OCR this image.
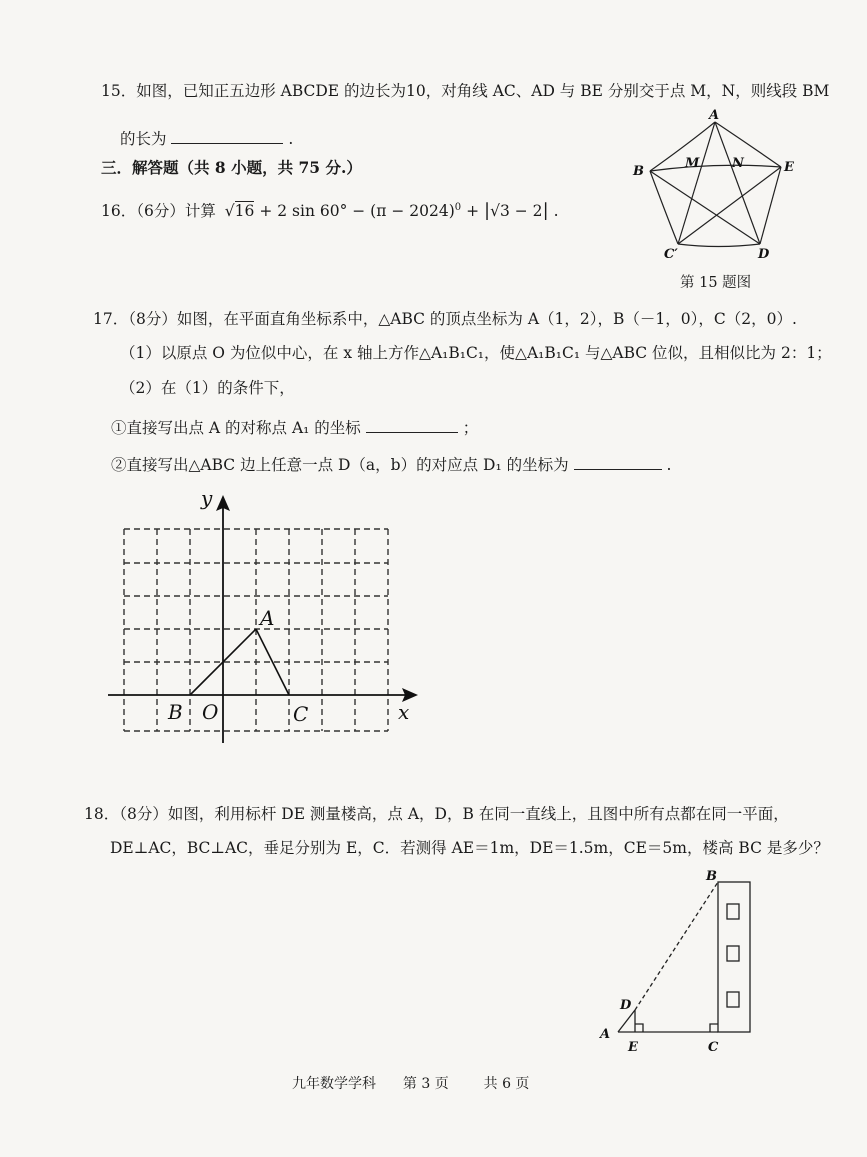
15．如图，已知正五边形 ABCDE 的边长为10，对角线 AC、AD 与 BE 分别交于点 M，N，则线段 BM
的长为	.
三．解答题（共 8 小题，共 75 分.）
16．（6分）计算 √16 + 2 $\sin 60^\circ - (\pi - 2024)^0 + |√3 - 2|$ .
A
B	E
C′	D
M	N
第 15 题图
17．（8分）如图，在平面直角坐标系中，△ABC 的顶点坐标为 A（1，2），B（－1，0），C（2，0）.
（1）以原点 O 为位似中心，在 x 轴上方作△A₁B₁C₁，使△A₁B₁C₁ 与△ABC 位似，且相似比为 2：1；
（2）在（1）的条件下，
①直接写出点 A 的对称点 A₁ 的坐标	；
②直接写出△ABC 边上任意一点 D（a，b）的对应点 D₁ 的坐标为	.
y
x
A
B O	C
18．（8分）如图，利用标杆 DE 测量楼高，点 A，D，B 在同一直线上，且图中所有点都在同一平面，
DE⊥AC，BC⊥AC，垂足分别为 E，C．若测得 AE＝1m，DE＝1.5m，CE＝5m，楼高 BC 是多少？
B
D
A
E	C
九年数学学科 第 3 页 共 6 页
